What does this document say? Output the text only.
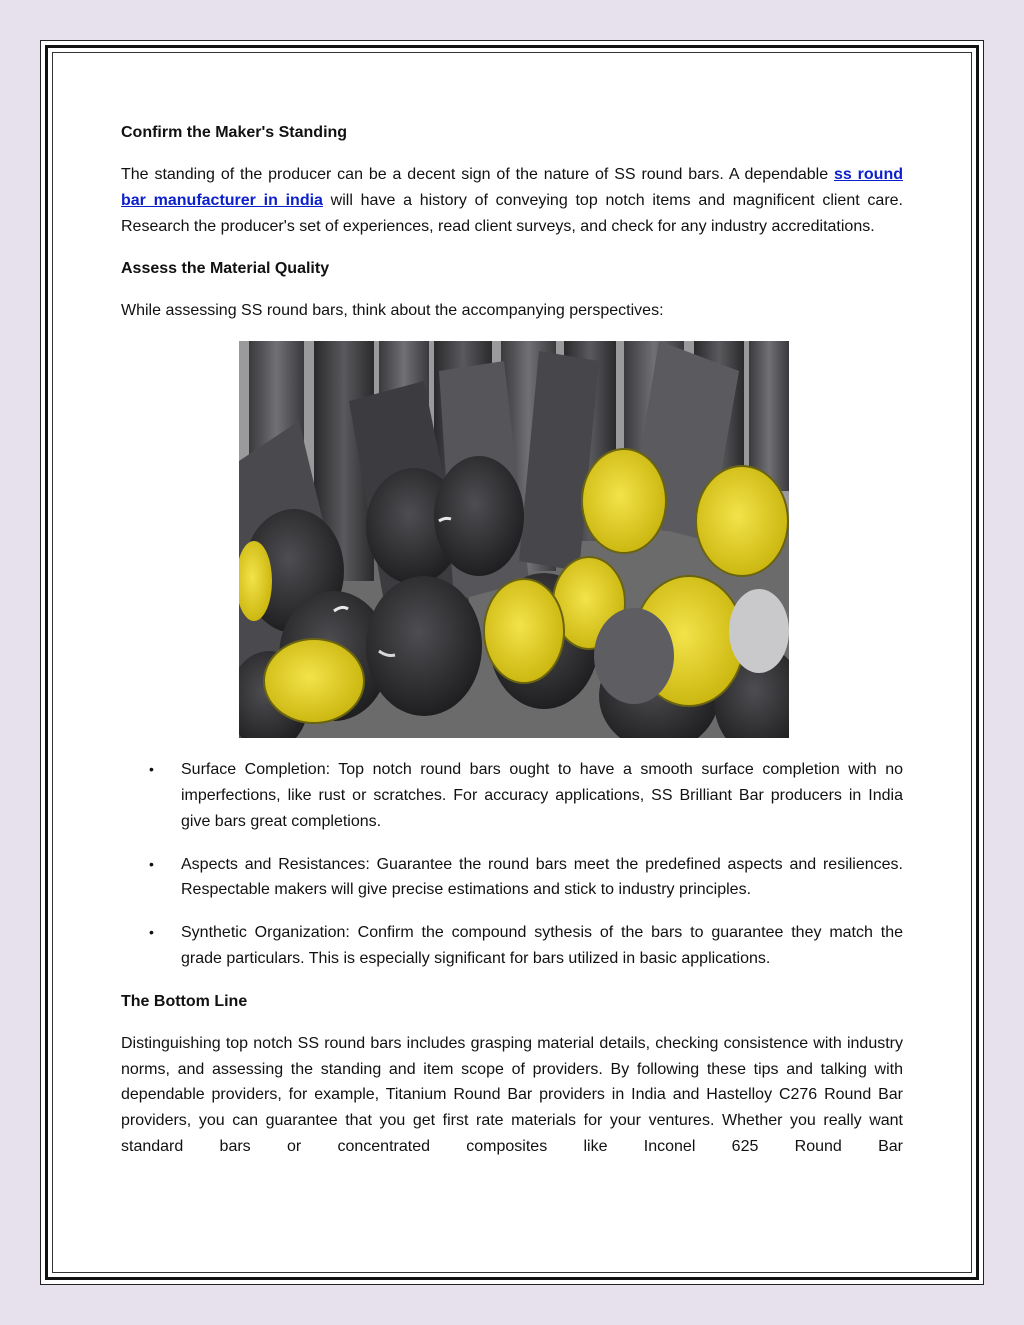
Confirm the Maker's Standing

The standing of the producer can be a decent sign of the nature of SS round bars. A dependable ss round bar manufacturer in india will have a history of conveying top notch items and magnificent client care. Research the producer's set of experiences, read client surveys, and check for any industry accreditations.

Assess the Material Quality

While assessing SS round bars, think about the accompanying perspectives:

• Surface Completion: Top notch round bars ought to have a smooth surface completion with no imperfections, like rust or scratches. For accuracy applications, SS Brilliant Bar producers in India give bars great completions.
• Aspects and Resistances: Guarantee the round bars meet the predefined aspects and resiliences. Respectable makers will give precise estimations and stick to industry principles.
• Synthetic Organization: Confirm the compound sythesis of the bars to guarantee they match the grade particulars. This is especially significant for bars utilized in basic applications.
The Bottom Line

Distinguishing top notch SS round bars includes grasping material details, checking consistence with industry norms, and assessing the standing and item scope of providers. By following these tips and talking with dependable providers, for example, Titanium Round Bar providers in India and Hastelloy C276 Round Bar providers, you can guarantee that you get first rate materials for your ventures. Whether you really want standard bars or concentrated composites like Inconel 625 Round Bar
